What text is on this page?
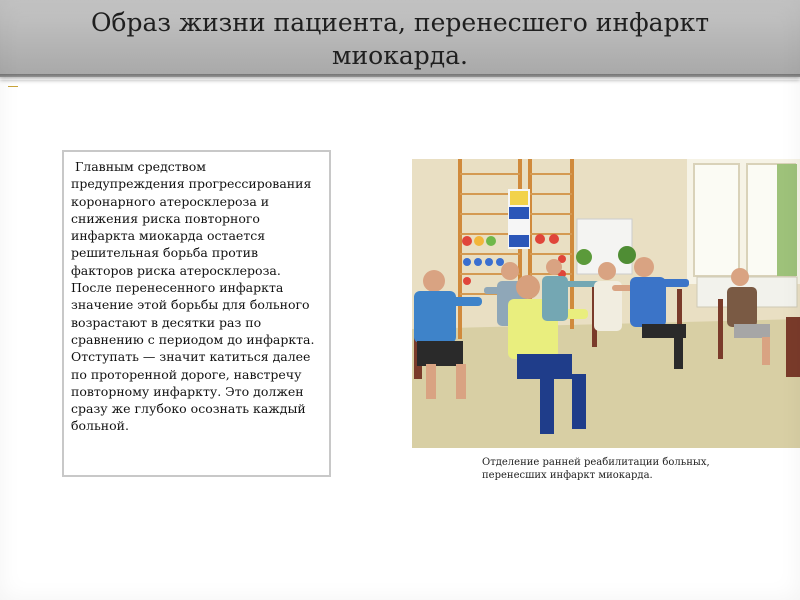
Образ жизни пациента, перенесшего инфаркт миокарда.

Главным средством предупреждения прогрессирования коронарного атеросклероза и снижения риска повторного инфаркта миокарда остается решительная борьба против факторов риска атеросклероза. После перенесенного инфаркта значение этой борьбы для больного возрастают в десятки раз по сравнению с периодом до инфаркта. Отступать — значит катиться далее по проторенной дороге, навстречу повторному инфаркту. Это должен сразу же глубоко осознать каждый больной.

Отделение ранней реабилитации больных,
перенесших инфаркт миокарда.
